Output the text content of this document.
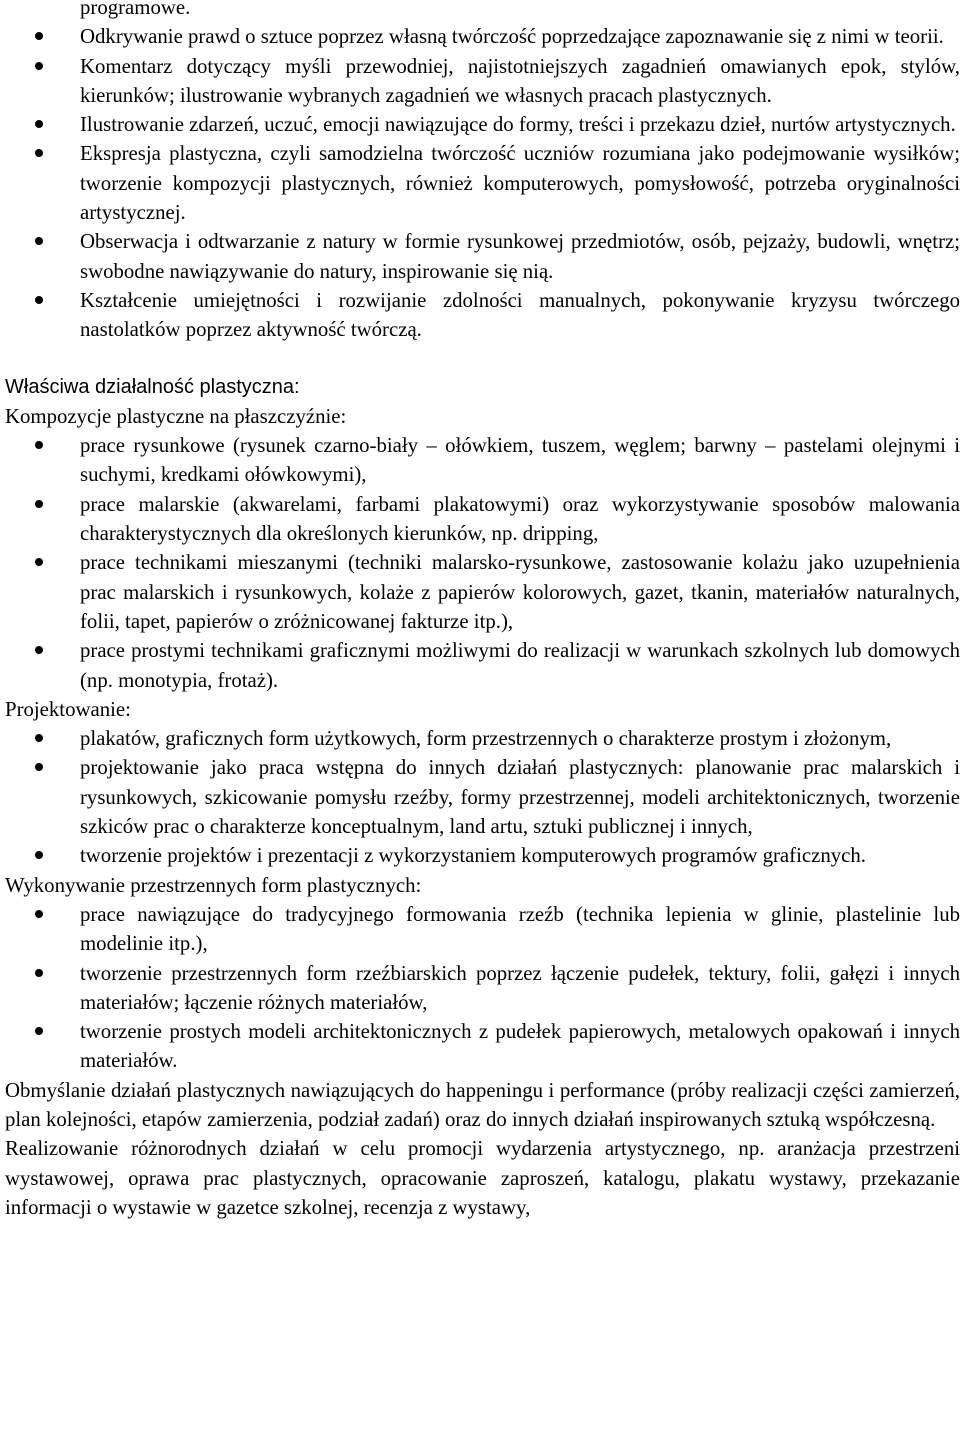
programowe.

Odkrywanie prawd o sztuce poprzez własną twórczość poprzedzające zapoznawanie się z nimi w teorii.
Komentarz dotyczący myśli przewodniej, najistotniejszych zagadnień omawianych epok, stylów, kierunków; ilustrowanie wybranych zagadnień we własnych pracach plastycznych.
Ilustrowanie zdarzeń, uczuć, emocji nawiązujące do formy, treści i przekazu dzieł, nurtów artystycznych.
Ekspresja plastyczna, czyli samodzielna twórczość uczniów rozumiana jako podejmowanie wysiłków; tworzenie kompozycji plastycznych, również komputerowych, pomysłowość, potrzeba oryginalności artystycznej.
Obserwacja i odtwarzanie z natury w formie rysunkowej przedmiotów, osób, pejzaży, budowli, wnętrz; swobodne nawiązywanie do natury, inspirowanie się nią.
Kształcenie umiejętności i rozwijanie zdolności manualnych, pokonywanie kryzysu twórczego nastolatków poprzez aktywność twórczą.

Właściwa działalność plastyczna:

Kompozycje plastyczne na płaszczyźnie:

prace rysunkowe (rysunek czarno-biały – ołówkiem, tuszem, węglem; barwny – pastelami olejnymi i suchymi, kredkami ołówkowymi),
prace malarskie (akwarelami, farbami plakatowymi) oraz wykorzystywanie sposobów malowania charakterystycznych dla określonych kierunków, np. dripping,
prace technikami mieszanymi (techniki malarsko-rysunkowe, zastosowanie kolażu jako uzupełnienia prac malarskich i rysunkowych, kolaże z papierów kolorowych, gazet, tkanin, materiałów naturalnych, folii, tapet, papierów o zróżnicowanej fakturze itp.),
prace prostymi technikami graficznymi możliwymi do realizacji w warunkach szkolnych lub domowych (np. monotypia, frotaż).

Projektowanie:

plakatów, graficznych form użytkowych, form przestrzennych o charakterze prostym i złożonym,
projektowanie jako praca wstępna do innych działań plastycznych: planowanie prac malarskich i rysunkowych, szkicowanie pomysłu rzeźby, formy przestrzennej, modeli architektonicznych, tworzenie szkiców prac o charakterze konceptualnym, land artu, sztuki publicznej i innych,
tworzenie projektów i prezentacji z wykorzystaniem komputerowych programów graficznych.

Wykonywanie przestrzennych form plastycznych:

prace nawiązujące do tradycyjnego formowania rzeźb (technika lepienia w glinie, plastelinie lub modelinie itp.),
tworzenie przestrzennych form rzeźbiarskich poprzez łączenie pudełek, tektury, folii, gałęzi i innych materiałów; łączenie różnych materiałów,
tworzenie prostych modeli architektonicznych z pudełek papierowych, metalowych opakowań i innych materiałów.

Obmyślanie działań plastycznych nawiązujących do happeningu i performance (próby realizacji części zamierzeń, plan kolejności, etapów zamierzenia, podział zadań) oraz do innych działań inspirowanych sztuką współczesną.

Realizowanie różnorodnych działań w celu promocji wydarzenia artystycznego, np. aranżacja przestrzeni wystawowej, oprawa prac plastycznych, opracowanie zaproszeń, katalogu, plakatu wystawy, przekazanie informacji o wystawie w gazetce szkolnej, recenzja z wystawy,
